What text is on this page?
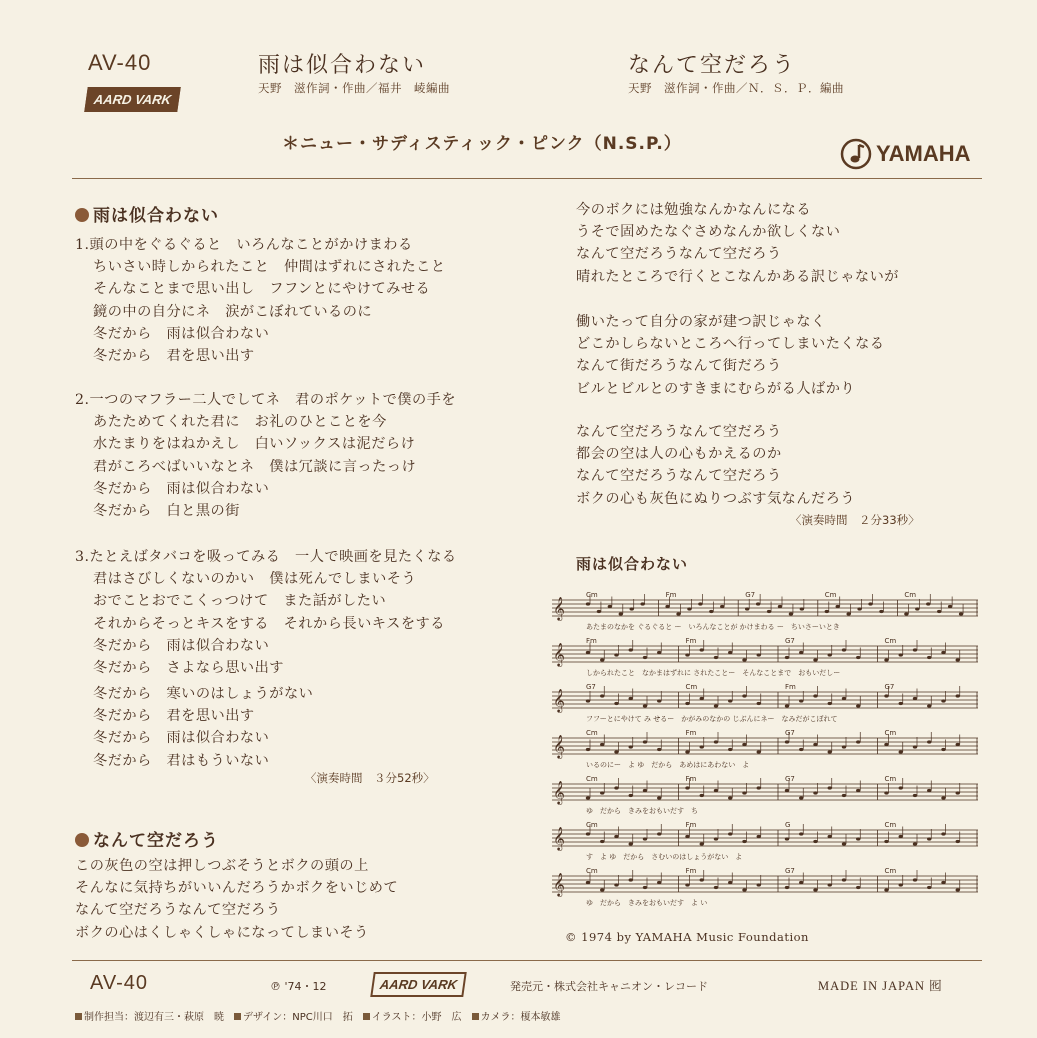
AV-40
AARD VARK
雨は似合わない
天野　滋作詞・作曲／福井　崚編曲
なんて空だろう
天野　滋作詞・作曲／Ｎ．Ｓ．Ｐ．編曲
＊ニュー・サディスティック・ピンク（N.S.P.）	YAMAHA
雨は似合わない
1.頭の中をぐるぐると　いろんなことがかけまわる
ちいさい時しかられたこと　仲間はずれにされたこと
そんなことまで思い出し　フフンとにやけてみせる
鏡の中の自分にネ　涙がこぼれているのに
冬だから　雨は似合わない
冬だから　君を思い出す
2.一つのマフラー二人でしてネ　君のポケットで僕の手を
あたためてくれた君に　お礼のひとことを今
水たまりをはねかえし　白いソックスは泥だらけ
君がころべばいいなとネ　僕は冗談に言ったっけ
冬だから　雨は似合わない
冬だから　白と黒の街
3.たとえばタバコを吸ってみる　一人で映画を見たくなる
君はさびしくないのかい　僕は死んでしまいそう
おでことおでこくっつけて　また話がしたい
それからそっとキスをする　それから長いキスをする
冬だから　雨は似合わない
冬だから　さよなら思い出す
冬だから　寒いのはしょうがない
冬だから　君を思い出す
冬だから　雨は似合わない
冬だから　君はもういない
〈演奏時間　３分52秒〉
なんて空だろう
この灰色の空は押しつぶそうとボクの頭の上
そんなに気持ちがいいんだろうかボクをいじめて
なんて空だろうなんて空だろう
ボクの心はくしゃくしゃになってしまいそう
今のボクには勉強なんかなんになる
うそで固めたなぐさめなんか欲しくない
なんて空だろうなんて空だろう
晴れたところで行くとこなんかある訳じゃないが
働いたって自分の家が建つ訳じゃなく
どこかしらないところへ行ってしまいたくなる
なんて街だろうなんて街だろう
ビルとビルとのすきまにむらがる人ばかり
なんて空だろうなんて空だろう
都会の空は人の心もかえるのか
なんて空だろうなんて空だろう
ボクの心も灰色にぬりつぶす気なんだろう
〈演奏時間　２分33秒〉
雨は似合わない
𝄞
Cm	Fm	G7	Cm	Cm
あたまのなかを ぐるぐると ー　いろんなことが かけまわる ー　ちいさーいとき
𝄞
Fm	Fm	G7	Cm
しかられたこと　なかまはずれに されたことー　そんなことまで　おもいだしー
𝄞
G7	Cm	Fm	G7
フフーとにやけて み せるー　かがみのなかの じぶんにネー　なみだがこぼれて
𝄞
Cm	Fm	G7	Cm
いるのにー　よ ゆ　だから　あめはにあわない　よ
𝄞
Cm	Fm	G7	Cm
ゆ　だから　きみをおもいだす　ち
𝄞
Cm	Fm	G	Cm
す　よ ゆ　だから　さむいのはしょうがない　よ
𝄞
Cm	Fm	G7	Cm
ゆ　だから　きみをおもいだす　よ い
© 1974 by YAMAHA Music Foundation
AV-40	℗ '74・12	AARD VARK	発売元・株式会社キャニオン・レコード	MADE IN JAPAN 囮
制作担当：渡辺有三・萩原　暁	デザイン：NPC川口　拓	イラスト：小野　広	カメラ：榎本敏雄
